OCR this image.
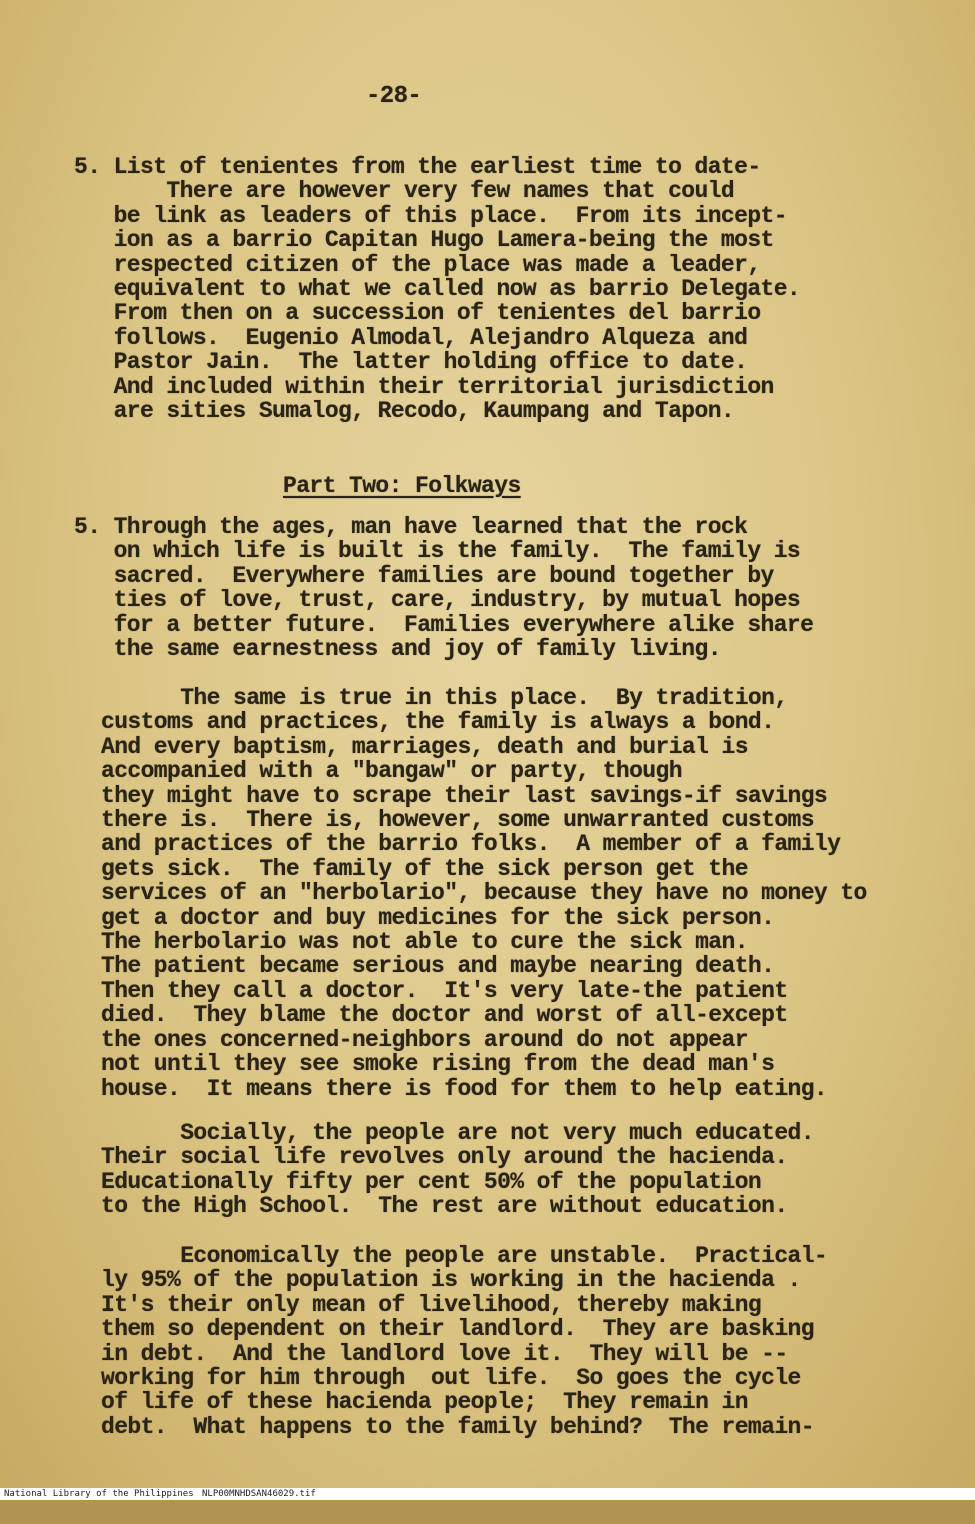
-28-
5. List of tenientes from the earliest time to date-
There are however very few names that could
be link as leaders of this place.  From its incept-
ion as a barrio Capitan Hugo Lamera-being the most
respected citizen of the place was made a leader,
equivalent to what we called now as barrio Delegate.
From then on a succession of tenientes del barrio
follows.  Eugenio Almodal, Alejandro Alqueza and
Pastor Jain.  The latter holding office to date.
And included within their territorial jurisdiction
are sities Sumalog, Recodo, Kaumpang and Tapon.
Part Two: Folkways
5. Through the ages, man have learned that the rock
on which life is built is the family.  The family is
sacred.  Everywhere families are bound together by
ties of love, trust, care, industry, by mutual hopes
for a better future.  Families everywhere alike share
the same earnestness and joy of family living.
The same is true in this place.  By tradition,
customs and practices, the family is always a bond.
And every baptism, marriages, death and burial is
accompanied with a "bangaw" or party, though
they might have to scrape their last savings-if savings
there is.  There is, however, some unwarranted customs
and practices of the barrio folks.  A member of a family
gets sick.  The family of the sick person get the
services of an "herbolario", because they have no money to
get a doctor and buy medicines for the sick person.
The herbolario was not able to cure the sick man.
The patient became serious and maybe nearing death.
Then they call a doctor.  It's very late-the patient
died.  They blame the doctor and worst of all-except
the ones concerned-neighbors around do not appear
not until they see smoke rising from the dead man's
house.  It means there is food for them to help eating.
Socially, the people are not very much educated.
Their social life revolves only around the hacienda.
Educationally fifty per cent 50% of the population
to the High School.  The rest are without education.
Economically the people are unstable.  Practical-
ly 95% of the population is working in the hacienda .
It's their only mean of livelihood, thereby making
them so dependent on their landlord.  They are basking
in debt.  And the landlord love it.  They will be --
working for him through  out life.  So goes the cycle
of life of these hacienda people;  They remain in
debt.  What happens to the family behind?  The remain-

National Library of the Philippines

NLP00MNHDSAN46029.tif
